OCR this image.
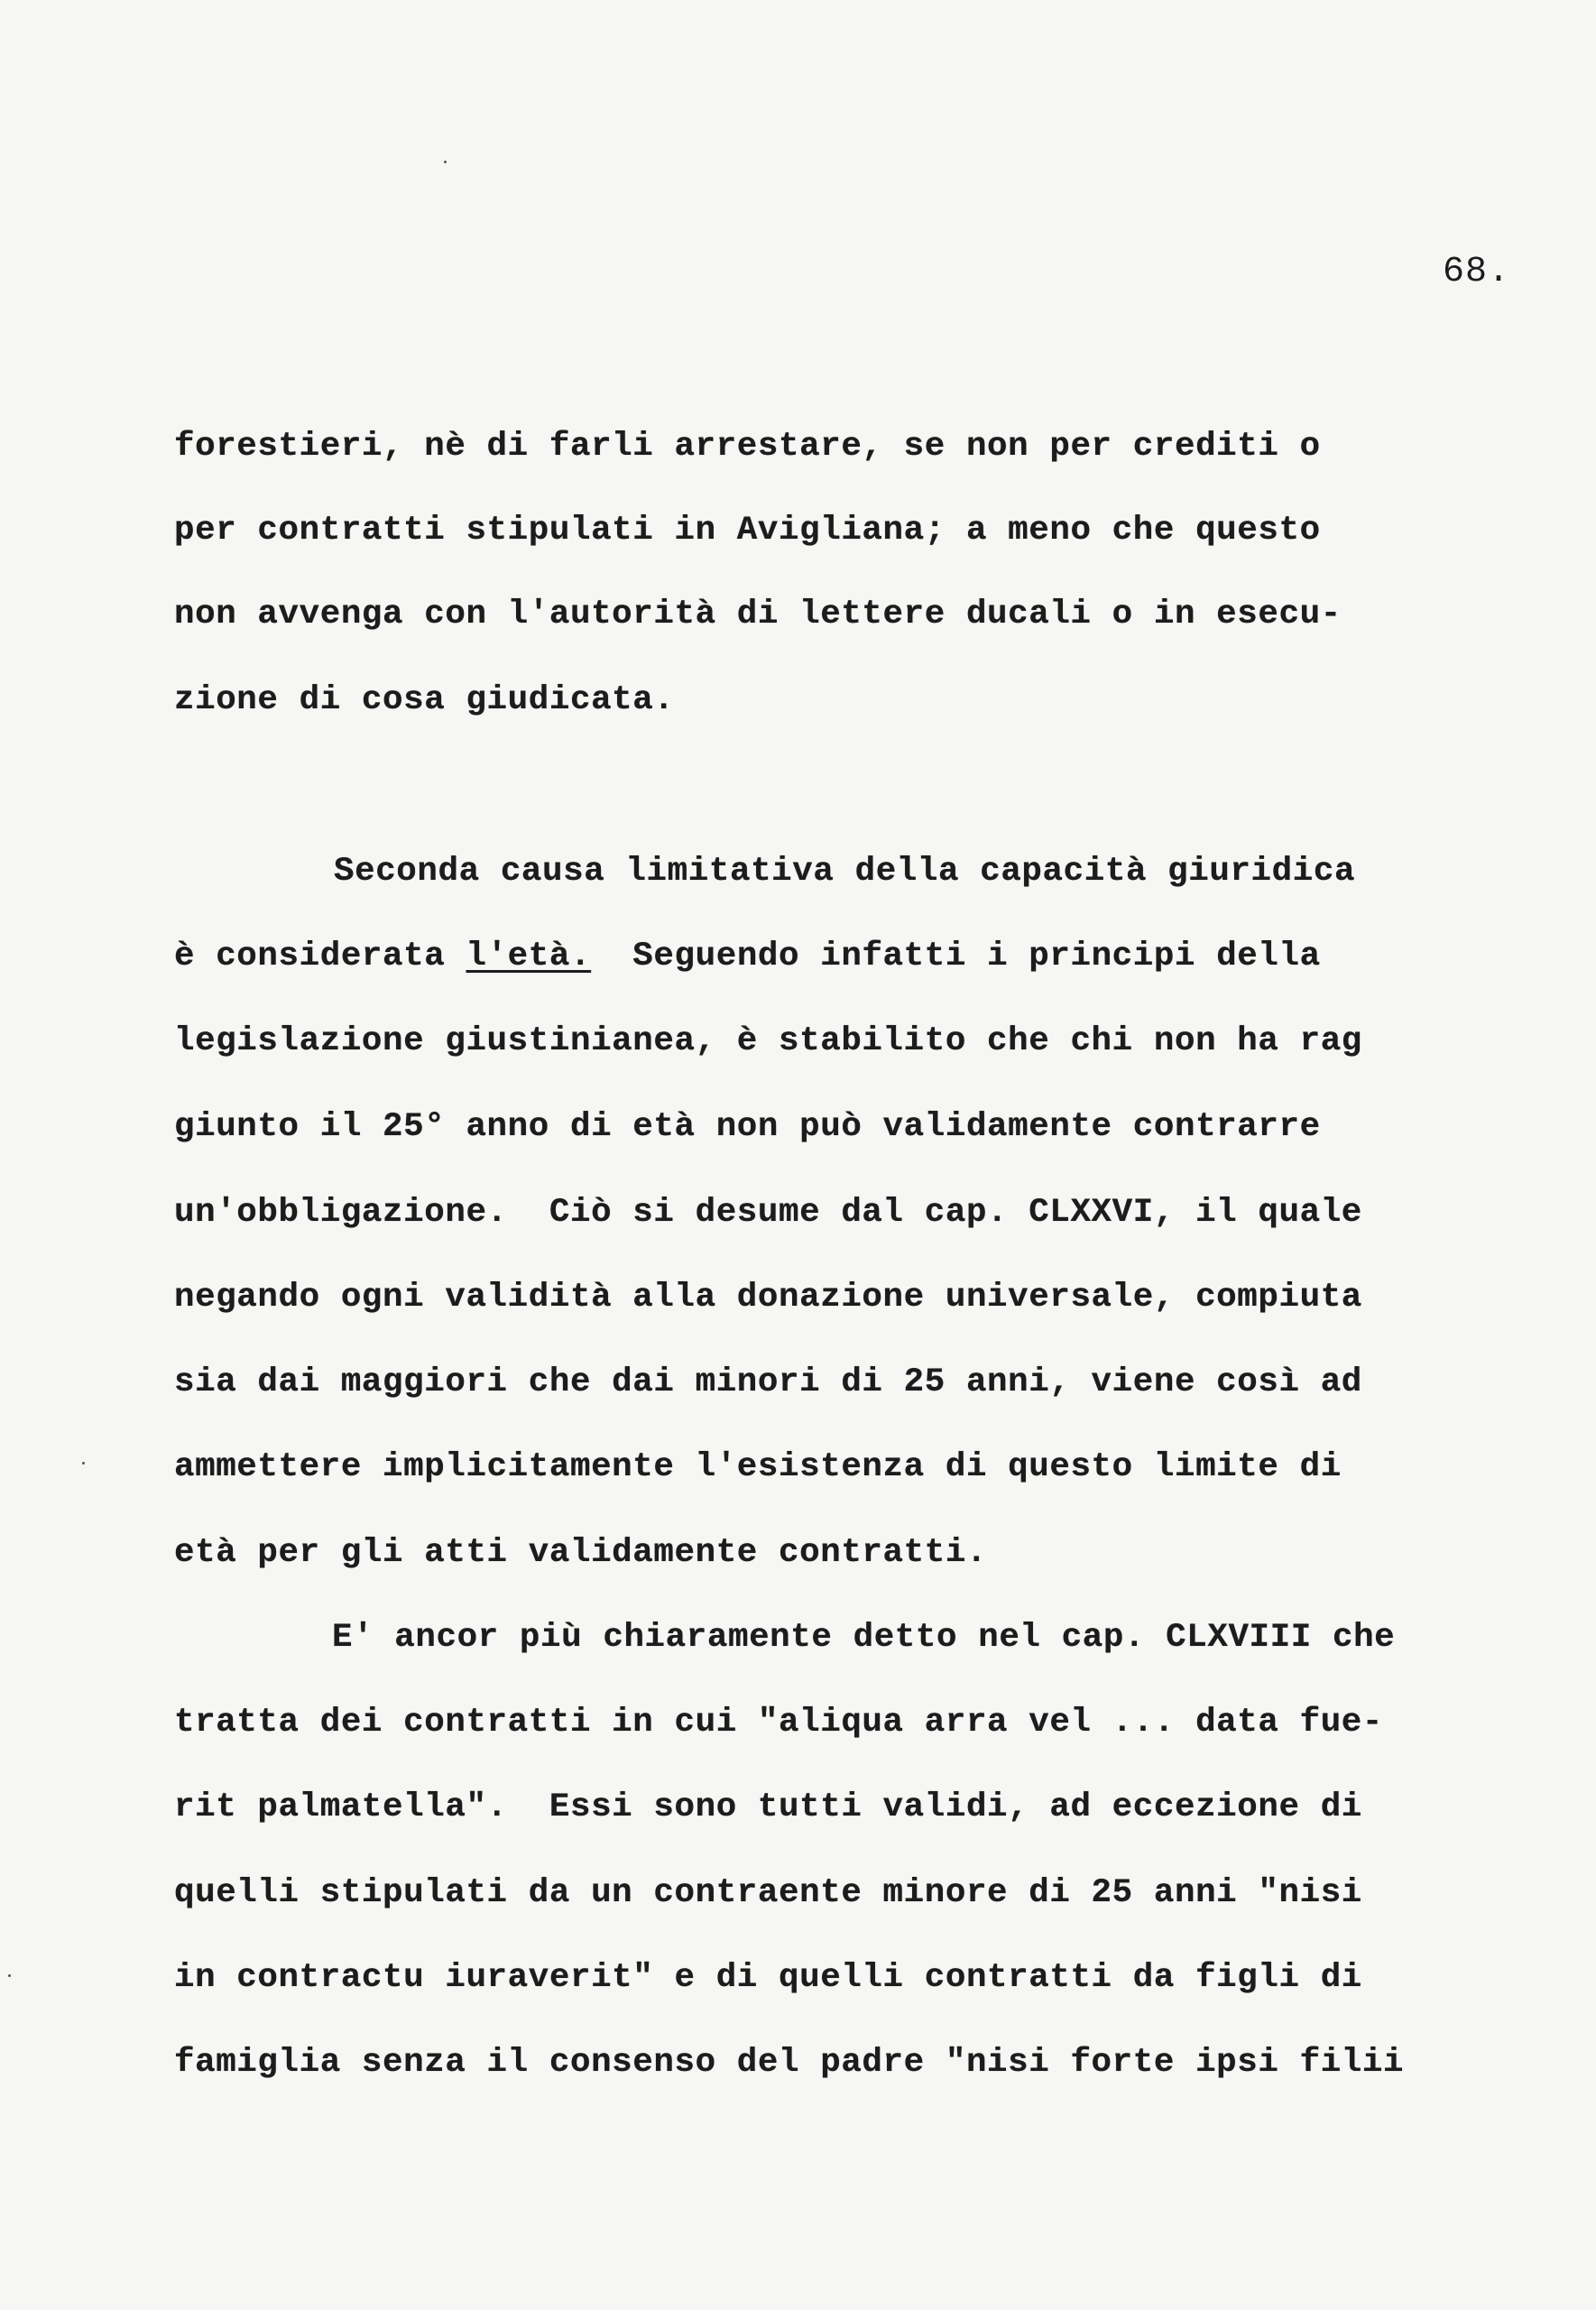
68.
forestieri, nè di farli arrestare, se non per crediti o
per contratti stipulati in Avigliana; a meno che questo
non avvenga con l'autorità di lettere ducali o in esecu-
zione di cosa giudicata.
Seconda causa limitativa della capacità giuridica
è considerata l'età.  Seguendo infatti i principi della
legislazione giustinianea, è stabilito che chi non ha rag
giunto il 25° anno di età non può validamente contrarre
un'obbligazione.  Ciò si desume dal cap. CLXXVI, il quale
negando ogni validità alla donazione universale, compiuta
sia dai maggiori che dai minori di 25 anni, viene così ad
ammettere implicitamente l'esistenza di questo limite di
età per gli atti validamente contratti.
E' ancor più chiaramente detto nel cap. CLXVIII che
tratta dei contratti in cui "aliqua arra vel ... data fue-
rit palmatella".  Essi sono tutti validi, ad eccezione di
quelli stipulati da un contraente minore di 25 anni "nisi
in contractu iuraverit" e di quelli contratti da figli di
famiglia senza il consenso del padre "nisi forte ipsi filii
